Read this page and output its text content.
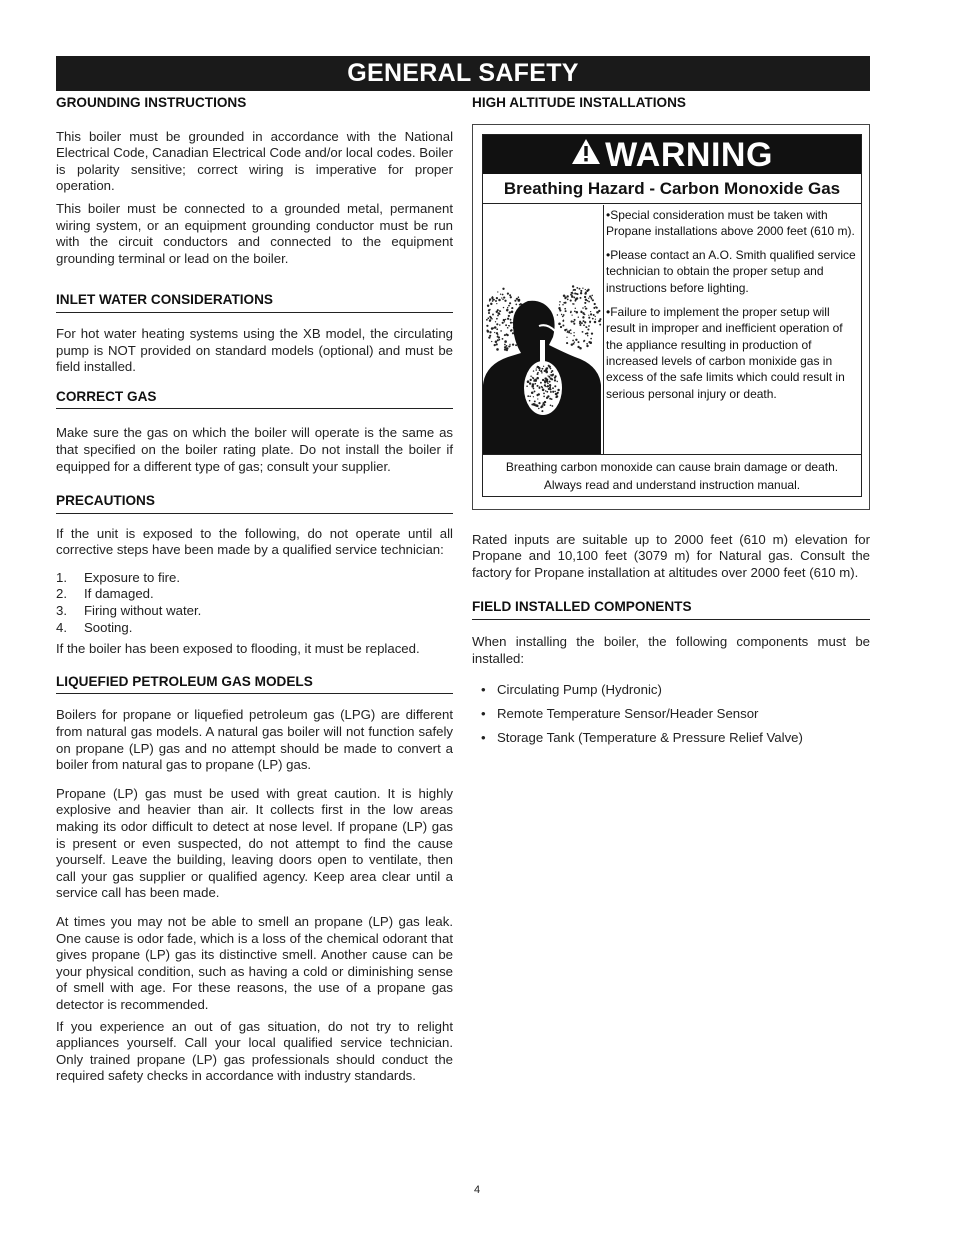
GENERAL SAFETY
GROUNDING INSTRUCTIONS

This boiler must be grounded in accordance with the National Electrical Code, Canadian Electrical Code and/or local codes. Boiler is polarity sensitive; correct wiring is imperative for proper operation.

This boiler must be connected to a grounded metal, permanent wiring system, or an equipment grounding conductor must be run with the circuit conductors and connected to the equipment grounding terminal or lead on the boiler.

INLET WATER CONSIDERATIONS

For hot water heating systems using the XB model, the circulating pump is NOT provided on standard models (optional) and must be field installed.

CORRECT GAS

Make sure the gas on which the boiler will operate is the same as that specified on the boiler rating plate. Do not install the boiler if equipped for a different type of gas; consult your supplier.

PRECAUTIONS

If the unit is exposed to the following, do not operate until all corrective steps have been made by a qualified service technician:

1. Exposure to fire.
2. If damaged.
3. Firing without water.
4. Sooting.

If the boiler has been exposed to flooding, it must be replaced.

LIQUEFIED PETROLEUM GAS MODELS

Boilers for propane or liquefied petroleum gas (LPG) are different from natural gas models. A natural gas boiler will not function safely on propane (LP) gas and no attempt should be made to convert a boiler from natural gas to propane (LP) gas.

Propane (LP) gas must be used with great caution. It is highly explosive and heavier than air. It collects first in the low areas making its odor difficult to detect at nose level. If propane (LP) gas is present or even suspected, do not attempt to find the cause yourself. Leave the building, leaving doors open to ventilate, then call your gas supplier or qualified agency. Keep area clear until a service call has been made.

At times you may not be able to smell an propane (LP) gas leak. One cause is odor fade, which is a loss of the chemical odorant that gives propane (LP) gas its distinctive smell. Another cause can be your physical condition, such as having a cold or diminishing sense of smell with age. For these reasons, the use of a propane gas detector is recommended.

If you experience an out of gas situation, do not try to relight appliances yourself. Call your local qualified service technician. Only trained propane (LP) gas professionals should conduct the required safety checks in accordance with industry standards.

HIGH ALTITUDE INSTALLATIONS
WARNING
Breathing Hazard - Carbon Monoxide Gas
•Special consideration must be taken with Propane installations above 2000 feet (610 m).
•Please contact an A.O. Smith qualified service technician to obtain the proper setup and instructions before lighting.
•Failure to implement the proper setup will result in improper and inefficient operation of the appliance resulting in production of increased levels of carbon monixide gas in excess of the safe limits which could result in serious personal injury or death.
Breathing carbon monoxide can cause brain damage or death.
Always read and understand instruction manual.

Rated inputs are suitable up to 2000 feet (610 m) elevation for Propane and 10,100 feet (3079 m) for Natural gas. Consult the factory for Propane installation at altitudes over 2000 feet (610 m).

FIELD INSTALLED COMPONENTS

When installing the boiler, the following components must be installed:

• Circulating Pump (Hydronic)
• Remote Temperature Sensor/Header Sensor
• Storage Tank (Temperature & Pressure Relief Valve)
4
